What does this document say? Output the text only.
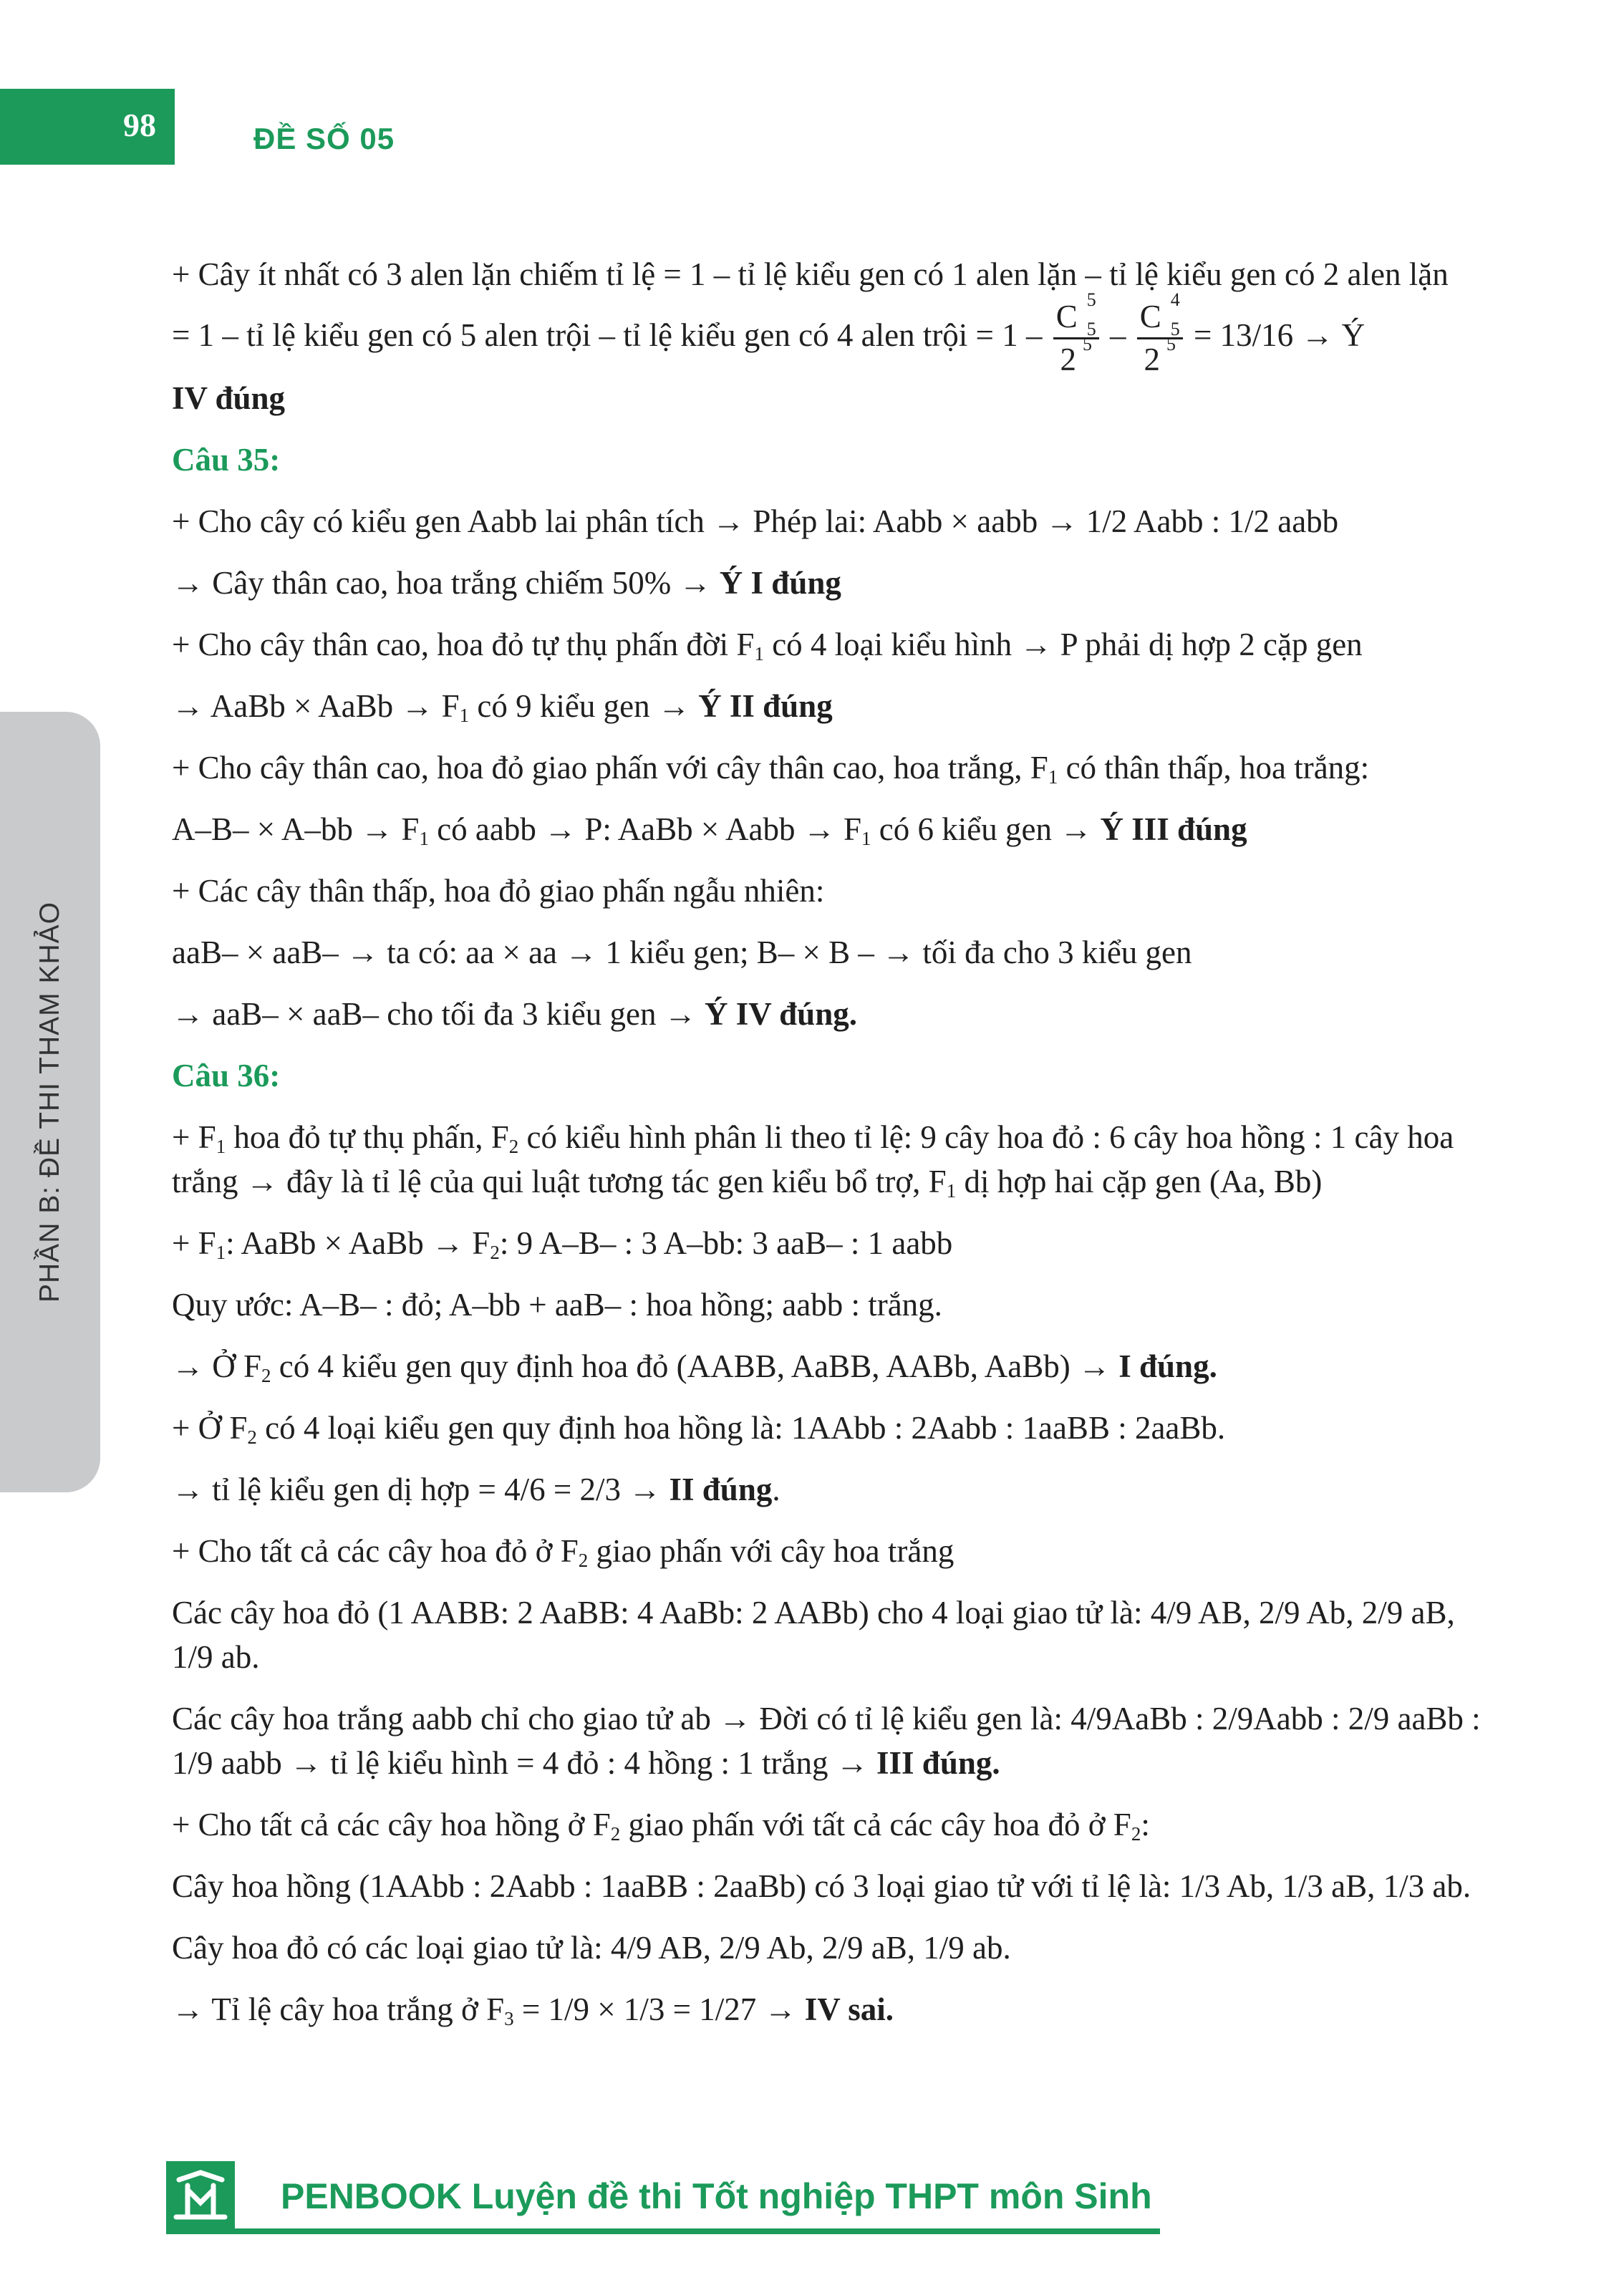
98	ĐỀ SỐ 05
PHẦN B: ĐỀ THI THAM KHẢO

+ Cây ít nhất có 3 alen lặn chiếm tỉ lệ = 1 – tỉ lệ kiểu gen có 1 alen lặn – tỉ lệ kiểu gen có 2 alen lặn

= 1 – tỉ lệ kiểu gen có 5 alen trội – tỉ lệ kiểu gen có 4 alen trội = 1 – C 5
5
2 5 – C 4
5
2 5 = 13/16 → Ý
IV đúng

Câu 35:

+ Cho cây có kiểu gen Aabb lai phân tích → Phép lai: Aabb × aabb → 1/2 Aabb : 1/2 aabb

→ Cây thân cao, hoa trắng chiếm 50% → Ý I đúng

+ Cho cây thân cao, hoa đỏ tự thụ phấn đời $F_1$ có 4 loại kiểu hình → P phải dị hợp 2 cặp gen

→ AaBb × AaBb → $F_1$ có 9 kiểu gen → Ý II đúng

+ Cho cây thân cao, hoa đỏ giao phấn với cây thân cao, hoa trắng, $F_1$ có thân thấp, hoa trắng:

$A-B- \times A-bb \to F_1$ có aabb → P: AaBb × Aabb → $F_1$ có 6 kiểu gen → Ý III đúng

+ Các cây thân thấp, hoa đỏ giao phấn ngẫu nhiên:

aaB– × aaB– → ta có: aa × aa → 1 kiểu gen; B– × B – → tối đa cho 3 kiểu gen

→ aaB– × aaB– cho tối đa 3 kiểu gen → Ý IV đúng.

Câu 36:

+ $F_1$ hoa đỏ tự thụ phấn, $F_2$ có kiểu hình phân li theo tỉ lệ: 9 cây hoa đỏ : 6 cây hoa hồng : 1 cây hoa trắng → đây là tỉ lệ của qui luật tương tác gen kiểu bổ trợ, $F_1$ dị hợp hai cặp gen (Aa, Bb)

+ $F_1$: AaBb × AaBb → $F_2$: 9 A–B– : 3 A–bb: 3 aaB– : 1 aabb

Quy ước: A–B– : đỏ; A–bb + aaB– : hoa hồng; aabb : trắng.

→ Ở $F_2$ có 4 kiểu gen quy định hoa đỏ (AABB, AaBB, AABb, AaBb) → I đúng.

+ Ở $F_2$ có 4 loại kiểu gen quy định hoa hồng là: 1AAbb : 2Aabb : 1aaBB : 2aaBb.

→ tỉ lệ kiểu gen dị hợp = 4/6 = 2/3 → II đúng.

+ Cho tất cả các cây hoa đỏ ở $F_2$ giao phấn với cây hoa trắng

Các cây hoa đỏ (1 AABB: 2 AaBB: 4 AaBb: 2 AABb) cho 4 loại giao tử là: 4/9 AB, 2/9 Ab, 2/9 aB, 1/9 ab.

Các cây hoa trắng aabb chỉ cho giao tử ab → Đời có tỉ lệ kiểu gen là: 4/9AaBb : 2/9Aabb : 2/9 aaBb : 1/9 aabb → tỉ lệ kiểu hình = 4 đỏ : 4 hồng : 1 trắng → III đúng.

+ Cho tất cả các cây hoa hồng ở $F_2$ giao phấn với tất cả các cây hoa đỏ ở $F_2$:

Cây hoa hồng (1AAbb : 2Aabb : 1aaBB : 2aaBb) có 3 loại giao tử với tỉ lệ là: 1/3 Ab, 1/3 aB, 1/3 ab.

Cây hoa đỏ có các loại giao tử là: 4/9 AB, 2/9 Ab, 2/9 aB, 1/9 ab.

→ Tỉ lệ cây hoa trắng ở $F_3 = 1/9 \times 1/3 = 1/27$ → IV sai.

PENBOOK Luyện đề thi Tốt nghiệp THPT môn Sinh
